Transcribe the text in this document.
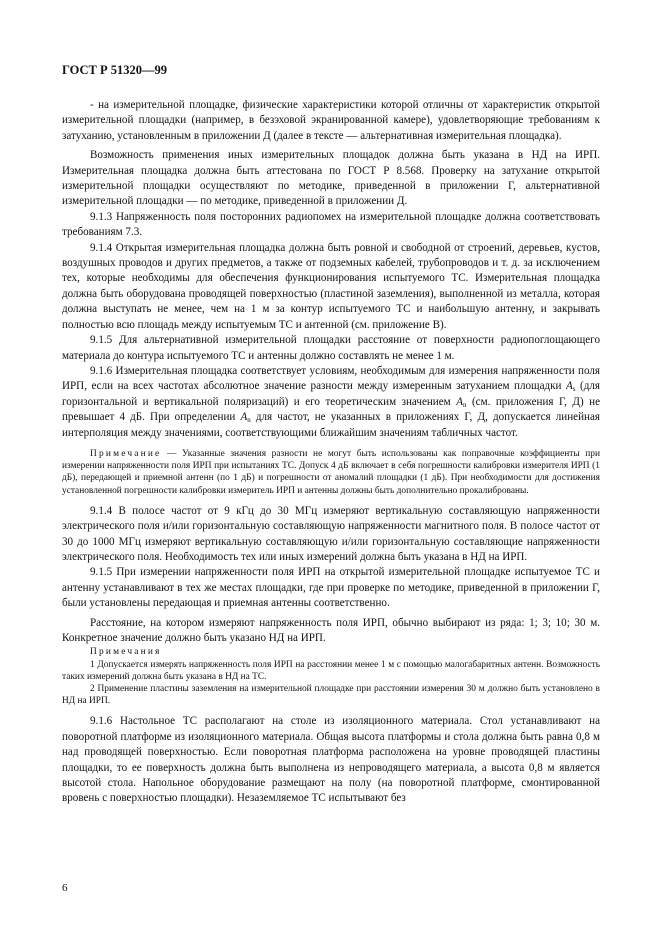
ГОСТ Р 51320—99

- на измерительной площадке, физические характеристики которой отличны от характеристик открытой измерительной площадки (например, в безэховой экранированной камере), удовлетворяющие требованиям к затуханию, установленным в приложении Д (далее в тексте — альтернативная измерительная площадка).

Возможность применения иных измерительных площадок должна быть указана в НД на ИРП. Измерительная площадка должна быть аттестована по ГОСТ Р 8.568. Проверку на затухание открытой измерительной площадки осуществляют по методике, приведенной в приложении Г, альтернативной измерительной площадки — по методике, приведенной в приложении Д.

9.1.3 Напряженность поля посторонних радиопомех на измерительной площадке должна соответствовать требованиям 7.3.

9.1.4 Открытая измерительная площадка должна быть ровной и свободной от строений, деревьев, кустов, воздушных проводов и других предметов, а также от подземных кабелей, трубопроводов и т. д. за исключением тех, которые необходимы для обеспечения функционирования испытуемого ТС. Измерительная площадка должна быть оборудована проводящей поверхностью (пластиной заземления), выполненной из металла, которая должна выступать не менее, чем на 1 м за контур испытуемого ТС и наибольшую антенну, и закрывать полностью всю площадь между испытуемым ТС и антенной (см. приложение В).

9.1.5 Для альтернативной измерительной площадки расстояние от поверхности радиопоглощающего материала до контура испытуемого ТС и антенны должно составлять не менее 1 м.

9.1.6 Измерительная площадка соответствует условиям, необходимым для измерения напряженности поля ИРП, если на всех частотах абсолютное значение разности между измеренным затуханием площадки $A_s$ (для горизонтальной и вертикальной поляризаций) и его теоретическим значением $A_n$ (см. приложения Г, Д) не превышает 4 дБ. При определении $A_n$ для частот, не указанных в приложениях Г, Д, допускается линейная интерполяция между значениями, соответствующими ближайшим значениям табличных частот.

Примечание — Указанные значения разности не могут быть использованы как поправочные коэффициенты при измерении напряженности поля ИРП при испытаниях ТС. Допуск 4 дБ включает в себя погрешности калибровки измерителя ИРП (1 дБ), передающей и приемной антенн (по 1 дБ) и погрешности от аномалий площадки (1 дБ). При необходимости для достижения установленной погрешности калибровки измеритель ИРП и антенны должны быть дополнительно прокалиброваны.

9.1.4 В полосе частот от 9 кГц до 30 МГц измеряют вертикальную составляющую напряженности электрического поля и/или горизонтальную составляющую напряженности магнитного поля. В полосе частот от 30 до 1000 МГц измеряют вертикальную составляющую и/или горизонтальную составляющие напряженности электрического поля. Необходимость тех или иных измерений должна быть указана в НД на ИРП.

9.1.5 При измерении напряженности поля ИРП на открытой измерительной площадке испытуемое ТС и антенну устанавливают в тех же местах площадки, где при проверке по методике, приведенной в приложении Г, были установлены передающая и приемная антенны соответственно.

Расстояние, на котором измеряют напряженность поля ИРП, обычно выбирают из ряда: 1; 3; 10; 30 м. Конкретное значение должно быть указано НД на ИРП.

Примечания

1 Допускается измерять напряженность поля ИРП на расстоянии менее 1 м с помощью малогабаритных антенн. Возможность таких измерений должна быть указана в НД на ТС.

2 Применение пластины заземления на измерительной площадке при расстоянии измерения 30 м должно быть установлено в НД на ИРП.

9.1.6 Настольное ТС располагают на столе из изоляционного материала. Стол устанавливают на поворотной платформе из изоляционного материала. Общая высота платформы и стола должна быть равна 0,8 м над проводящей поверхностью. Если поворотная платформа расположена на уровне проводящей пластины площадки, то ее поверхность должна быть выполнена из непроводящего материала, а высота 0,8 м является высотой стола. Напольное оборудование размещают на полу (на поворотной платформе, смонтированной вровень с поверхностью площадки). Незаземляемое ТС испытывают без

6
